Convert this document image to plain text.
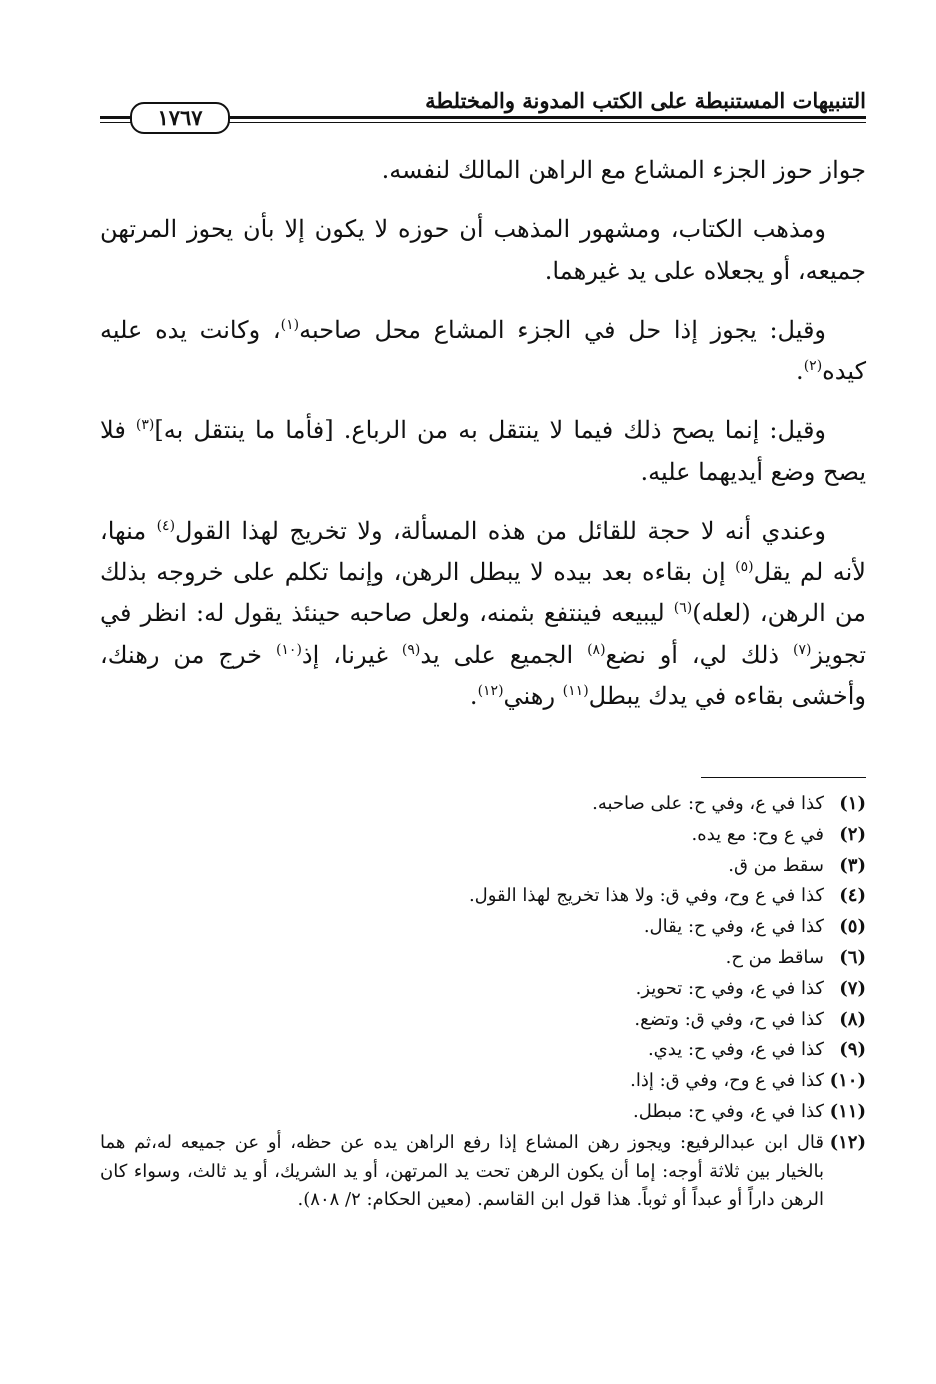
التنبيهات المستنبطة على الكتب المدونة والمختلطة
١٧٦٧

جواز حوز الجزء المشاع مع الراهن المالك لنفسه.

ومذهب الكتاب، ومشهور المذهب أن حوزه لا يكون إلا بأن يحوز المرتهن جميعه، أو يجعلاه على يد غيرهما.

وقيل: يجوز إذا حل في الجزء المشاع محل صاحبه$^{(١)}$، وكانت يده عليه كيده$^{(٢)}$.

وقيل: إنما يصح ذلك فيما لا ينتقل به من الرباع. [فأما ما ينتقل به]$^{(٣)}$ فلا يصح وضع أيديهما عليه.

وعندي أنه لا حجة للقائل من هذه المسألة، ولا تخريج لهذا القول$^{(٤)}$ منها، لأنه لم يقل$^{(٥)}$ إن بقاءه بعد بيده لا يبطل الرهن، وإنما تكلم على خروجه بذلك من الرهن، (لعله)$^{(٦)}$ ليبيعه فينتفع بثمنه، ولعل صاحبه حينئذ يقول له: انظر في تجويز$^{(٧)}$ ذلك لي، أو نضع$^{(٨)}$ الجميع على يد$^{(٩)}$ غيرنا، إذ$^{(١٠)}$ خرج من رهنك، وأخشى بقاءه في يدك يبطل$^{(١١)}$ رهني$^{(١٢)}$.

(١)
كذا في ع، وفي ح: على صاحبه.
(٢)
في ع وح: مع يده.
(٣)
سقط من ق.
(٤)
كذا في ع وح، وفي ق: ولا هذا تخريج لهذا القول.
(٥)
كذا في ع، وفي ح: يقال.
(٦)
ساقط من ح.
(٧)
كذا في ع، وفي ح: تحويز.
(٨)
كذا في ح، وفي ق: وتضع.
(٩)
كذا في ع، وفي ح: يدي.
(١٠)
كذا في ع وح، وفي ق: إذا.
(١١)
كذا في ع، وفي ح: مبطل.
(١٢)
قال ابن عبدالرفيع: ويجوز رهن المشاع إذا رفع الراهن يده عن حظه، أو عن جميعه له،ثم هما بالخيار بين ثلاثة أوجه: إما أن يكون الرهن تحت يد المرتهن، أو يد الشريك، أو يد ثالث، وسواء كان الرهن داراً أو عبداً أو ثوباً. هذا قول ابن القاسم. (معين الحكام: ٢/ ٨٠٨).
